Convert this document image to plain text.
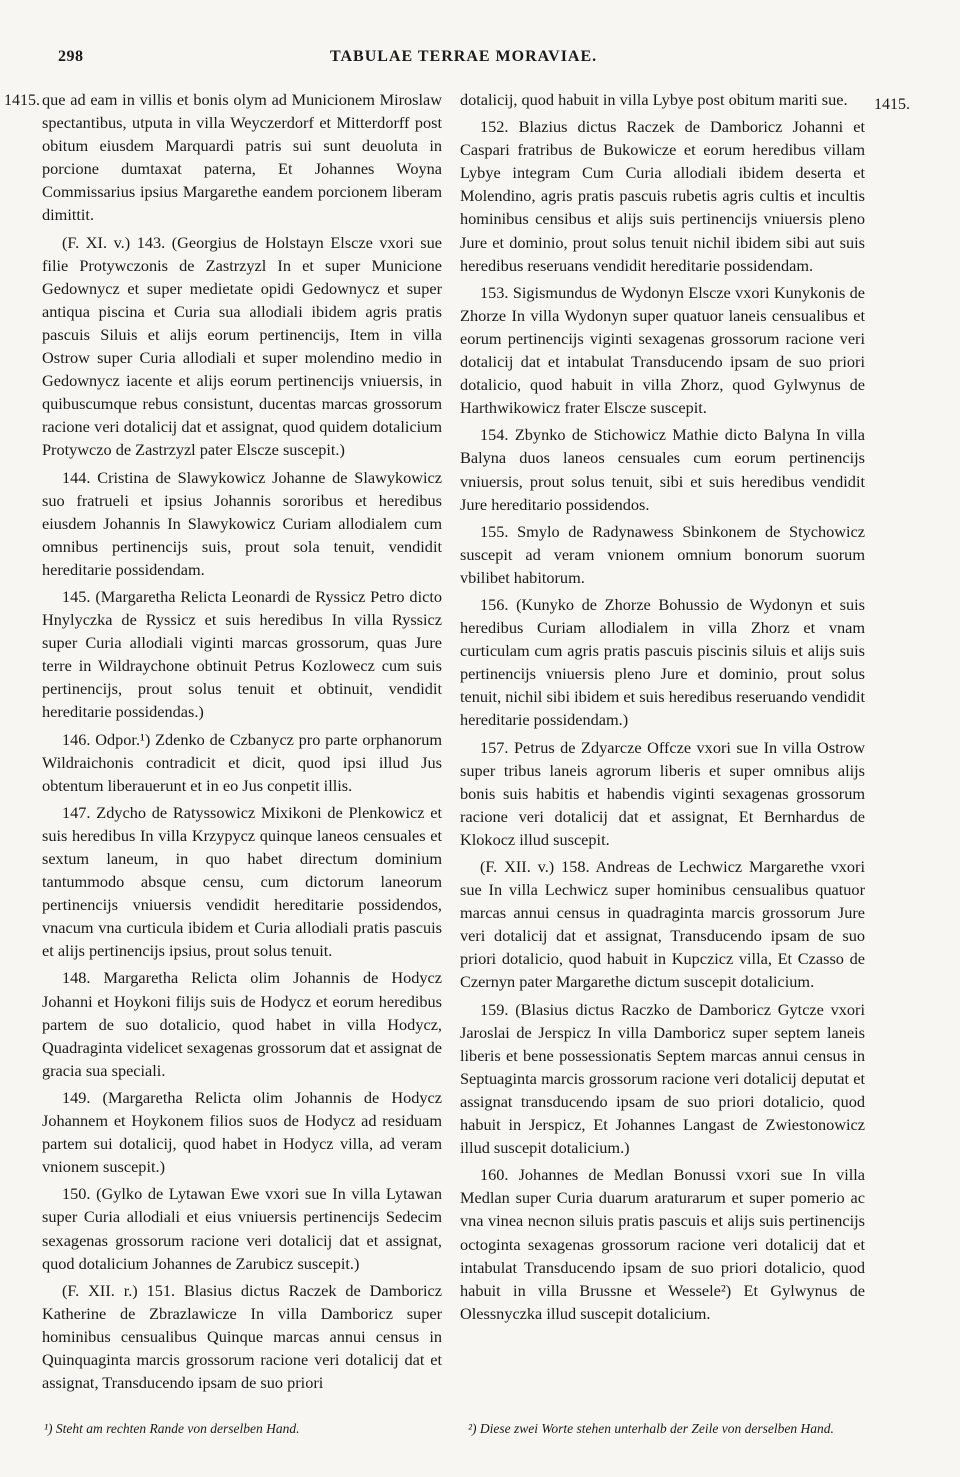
298	TABULAE TERRAE MORAVIAE.
1415.	1415.

que ad eam in villis et bonis olym ad Municionem Miroslaw spectantibus, utputa in villa Weyczerdorf et Mitterdorff post obitum eiusdem Marquardi patris sui sunt deuoluta in porcione dumtaxat paterna, Et Johannes Woyna Commissarius ipsius Margarethe eandem porcionem liberam dimittit.

(F. XI. v.) 143. (Georgius de Holstayn Elscze vxori sue filie Protywczonis de Zastrzyzl In et super Municione Gedownycz et super medietate opidi Gedownycz et super antiqua piscina et Curia sua allodiali ibidem agris pratis pascuis Siluis et alijs eorum pertinencijs, Item in villa Ostrow super Curia allodiali et super molendino medio in Gedownycz iacente et alijs eorum pertinencijs vniuersis, in quibuscumque rebus consistunt, ducentas marcas grossorum racione veri dotalicij dat et assignat, quod quidem dotalicium Protywczo de Zastrzyzl pater Elscze suscepit.)

144. Cristina de Slawykowicz Johanne de Slawykowicz suo fratrueli et ipsius Johannis sororibus et heredibus eiusdem Johannis In Slawykowicz Curiam allodialem cum omnibus pertinencijs suis, prout sola tenuit, vendidit hereditarie possidendam.

145. (Margaretha Relicta Leonardi de Ryssicz Petro dicto Hnylyczka de Ryssicz et suis heredibus In villa Ryssicz super Curia allodiali viginti marcas grossorum, quas Jure terre in Wildraychone obtinuit Petrus Kozlowecz cum suis pertinencijs, prout solus tenuit et obtinuit, vendidit hereditarie possidendas.)

146. Odpor.¹) Zdenko de Czbanycz pro parte orphanorum Wildraichonis contradicit et dicit, quod ipsi illud Jus obtentum liberauerunt et in eo Jus conpetit illis.

147. Zdycho de Ratyssowicz Mixikoni de Plenkowicz et suis heredibus In villa Krzypycz quinque laneos censuales et sextum laneum, in quo habet directum dominium tantummodo absque censu, cum dictorum laneorum pertinencijs vniuersis vendidit hereditarie possidendos, vnacum vna curticula ibidem et Curia allodiali pratis pascuis et alijs pertinencijs ipsius, prout solus tenuit.

148. Margaretha Relicta olim Johannis de Hodycz Johanni et Hoykoni filijs suis de Hodycz et eorum heredibus partem de suo dotalicio, quod habet in villa Hodycz, Quadraginta videlicet sexagenas grossorum dat et assignat de gracia sua speciali.

149. (Margaretha Relicta olim Johannis de Hodycz Johannem et Hoykonem filios suos de Hodycz ad residuam partem sui dotalicij, quod habet in Hodycz villa, ad veram vnionem suscepit.)

150. (Gylko de Lytawan Ewe vxori sue In villa Lytawan super Curia allodiali et eius vniuersis pertinencijs Sedecim sexagenas grossorum racione veri dotalicij dat et assignat, quod dotalicium Johannes de Zarubicz suscepit.)

(F. XII. r.) 151. Blasius dictus Raczek de Damboricz Katherine de Zbrazlawicze In villa Damboricz super hominibus censualibus Quinque marcas annui census in Quinquaginta marcis grossorum racione veri dotalicij dat et assignat, Transducendo ipsam de suo priori

dotalicij, quod habuit in villa Lybye post obitum mariti sue.

152. Blazius dictus Raczek de Damboricz Johanni et Caspari fratribus de Bukowicze et eorum heredibus villam Lybye integram Cum Curia allodiali ibidem deserta et Molendino, agris pratis pascuis rubetis agris cultis et incultis hominibus censibus et alijs suis pertinencijs vniuersis pleno Jure et dominio, prout solus tenuit nichil ibidem sibi aut suis heredibus reseruans vendidit hereditarie possidendam.

153. Sigismundus de Wydonyn Elscze vxori Kunykonis de Zhorze In villa Wydonyn super quatuor laneis censualibus et eorum pertinencijs viginti sexagenas grossorum racione veri dotalicij dat et intabulat Transducendo ipsam de suo priori dotalicio, quod habuit in villa Zhorz, quod Gylwynus de Harthwikowicz frater Elscze suscepit.

154. Zbynko de Stichowicz Mathie dicto Balyna In villa Balyna duos laneos censuales cum eorum pertinencijs vniuersis, prout solus tenuit, sibi et suis heredibus vendidit Jure hereditario possidendos.

155. Smylo de Radynawess Sbinkonem de Stychowicz suscepit ad veram vnionem omnium bonorum suorum vbilibet habitorum.

156. (Kunyko de Zhorze Bohussio de Wydonyn et suis heredibus Curiam allodialem in villa Zhorz et vnam curticulam cum agris pratis pascuis piscinis siluis et alijs suis pertinencijs vniuersis pleno Jure et dominio, prout solus tenuit, nichil sibi ibidem et suis heredibus reseruando vendidit hereditarie possidendam.)

157. Petrus de Zdyarcze Offcze vxori sue In villa Ostrow super tribus laneis agrorum liberis et super omnibus alijs bonis suis habitis et habendis viginti sexagenas grossorum racione veri dotalicij dat et assignat, Et Bernhardus de Klokocz illud suscepit.

(F. XII. v.) 158. Andreas de Lechwicz Margarethe vxori sue In villa Lechwicz super hominibus censualibus quatuor marcas annui census in quadraginta marcis grossorum Jure veri dotalicij dat et assignat, Transducendo ipsam de suo priori dotalicio, quod habuit in Kupczicz villa, Et Czasso de Czernyn pater Margarethe dictum suscepit dotalicium.

159. (Blasius dictus Raczko de Damboricz Gytcze vxori Jaroslai de Jerspicz In villa Damboricz super septem laneis liberis et bene possessionatis Septem marcas annui census in Septuaginta marcis grossorum racione veri dotalicij deputat et assignat transducendo ipsam de suo priori dotalicio, quod habuit in Jerspicz, Et Johannes Langast de Zwiestonowicz illud suscepit dotalicium.)

160. Johannes de Medlan Bonussi vxori sue In villa Medlan super Curia duarum araturarum et super pomerio ac vna vinea necnon siluis pratis pascuis et alijs suis pertinencijs octoginta sexagenas grossorum racione veri dotalicij dat et intabulat Transducendo ipsam de suo priori dotalicio, quod habuit in villa Brussne et Wessele²) Et Gylwynus de Olessnyczka illud suscepit dotalicium.

¹) Steht am rechten Rande von derselben Hand.	²) Diese zwei Worte stehen unterhalb der Zeile von derselben Hand.
